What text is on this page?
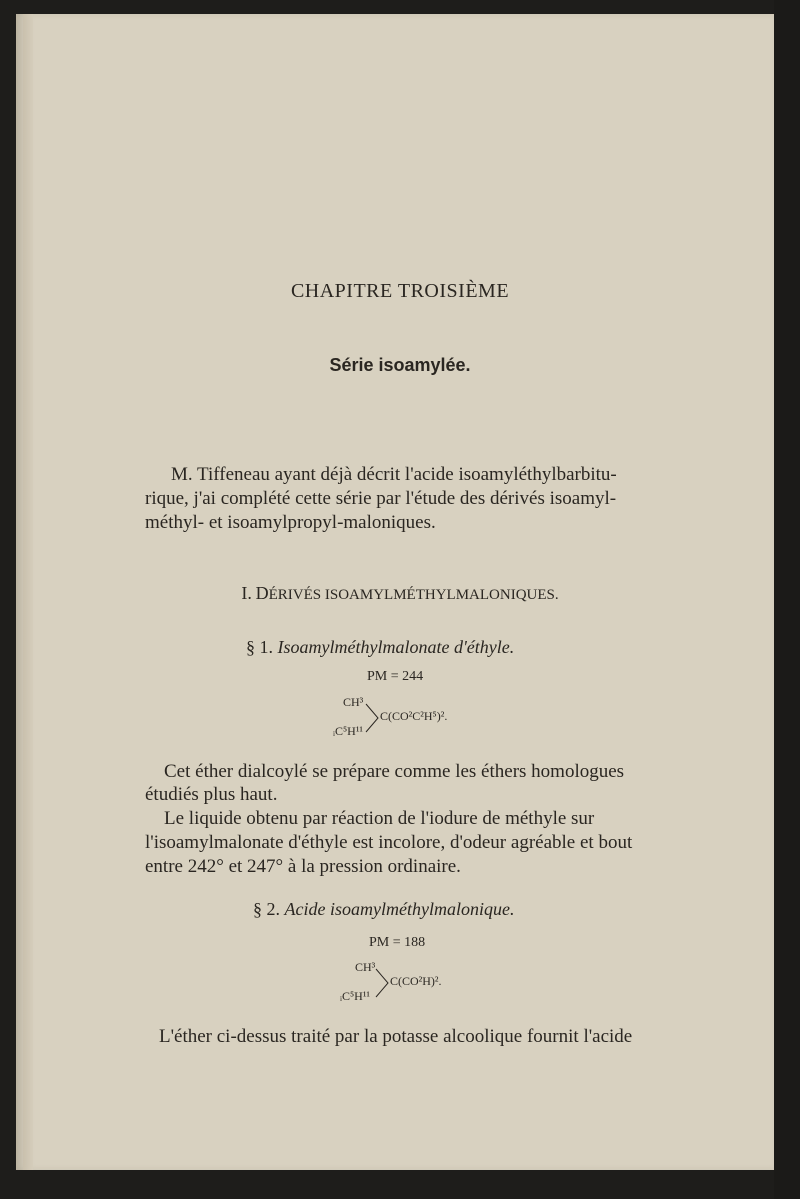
CHAPITRE TROISIÈME
Série isoamylée.
M. Tiffeneau ayant déjà décrit l'acide isoamyléthylbarbitu-
rique, j'ai complété cette série par l'étude des dérivés isoamyl-
méthyl- et isoamylpropyl-maloniques.
I. DÉRIVÉS ISOAMYLMÉTHYLMALONIQUES.
§ 1. Isoamylméthylmalonate d'éthyle.
PM = 244
CH³
ᵢC⁵H¹¹
C(CO²C²H⁵)².
Cet éther dialcoylé se prépare comme les éthers homologues
étudiés plus haut.
Le liquide obtenu par réaction de l'iodure de méthyle sur
l'isoamylmalonate d'éthyle est incolore, d'odeur agréable et bout
entre 242° et 247° à la pression ordinaire.
§ 2. Acide isoamylméthylmalonique.
PM = 188
CH³
ᵢC⁵H¹¹
C(CO²H)².
L'éther ci-dessus traité par la potasse alcoolique fournit l'acide
